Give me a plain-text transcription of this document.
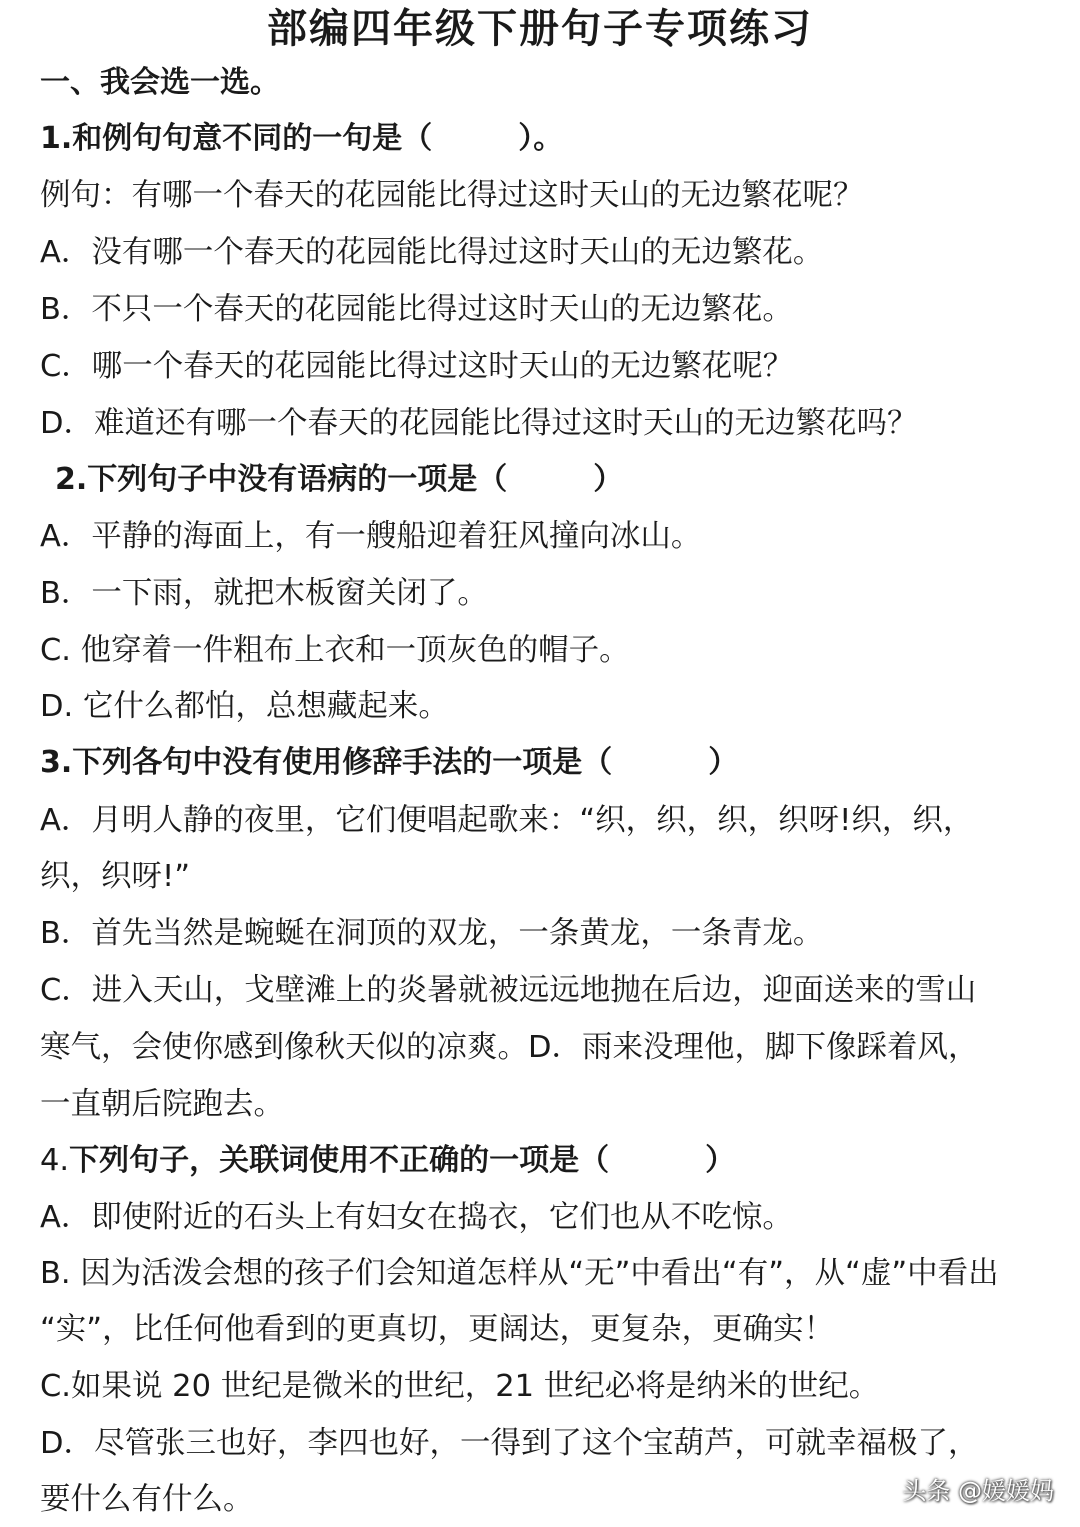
部编四年级下册句子专项练习
一、我会选一选。
1.和例句句意不同的一句是（	）。
例句：有哪一个春天的花园能比得过这时天山的无边繁花呢？
A．没有哪一个春天的花园能比得过这时天山的无边繁花。
B．不只一个春天的花园能比得过这时天山的无边繁花。
C．哪一个春天的花园能比得过这时天山的无边繁花呢？
D．难道还有哪一个春天的花园能比得过这时天山的无边繁花吗？
2.下列句子中没有语病的一项是（	）
A．平静的海面上，有一艘船迎着狂风撞向冰山。
B．一下雨，就把木板窗关闭了。
C. 他穿着一件粗布上衣和一顶灰色的帽子。
D. 它什么都怕，总想藏起来。
3.下列各句中没有使用修辞手法的一项是（	）
A．月明人静的夜里，它们便唱起歌来：“织，织，织，织呀!织，织，
织，织呀!”
B．首先当然是蜿蜒在洞顶的双龙，一条黄龙，一条青龙。
C．进入天山，戈壁滩上的炎暑就被远远地抛在后边，迎面送来的雪山
寒气，会使你感到像秋天似的凉爽。D．雨来没理他，脚下像踩着风，
一直朝后院跑去。
4.下列句子，关联词使用不正确的一项是（	）
A．即使附近的石头上有妇女在捣衣，它们也从不吃惊。
B. 因为活泼会想的孩子们会知道怎样从“无”中看出“有”，从“虚”中看出
“实”，比任何他看到的更真切，更阔达，更复杂，更确实！
C.如果说 20 世纪是微米的世纪，21 世纪必将是纳米的世纪。
D．尽管张三也好，李四也好，一得到了这个宝葫芦，可就幸福极了，
要什么有什么。	头条 @媛媛妈
